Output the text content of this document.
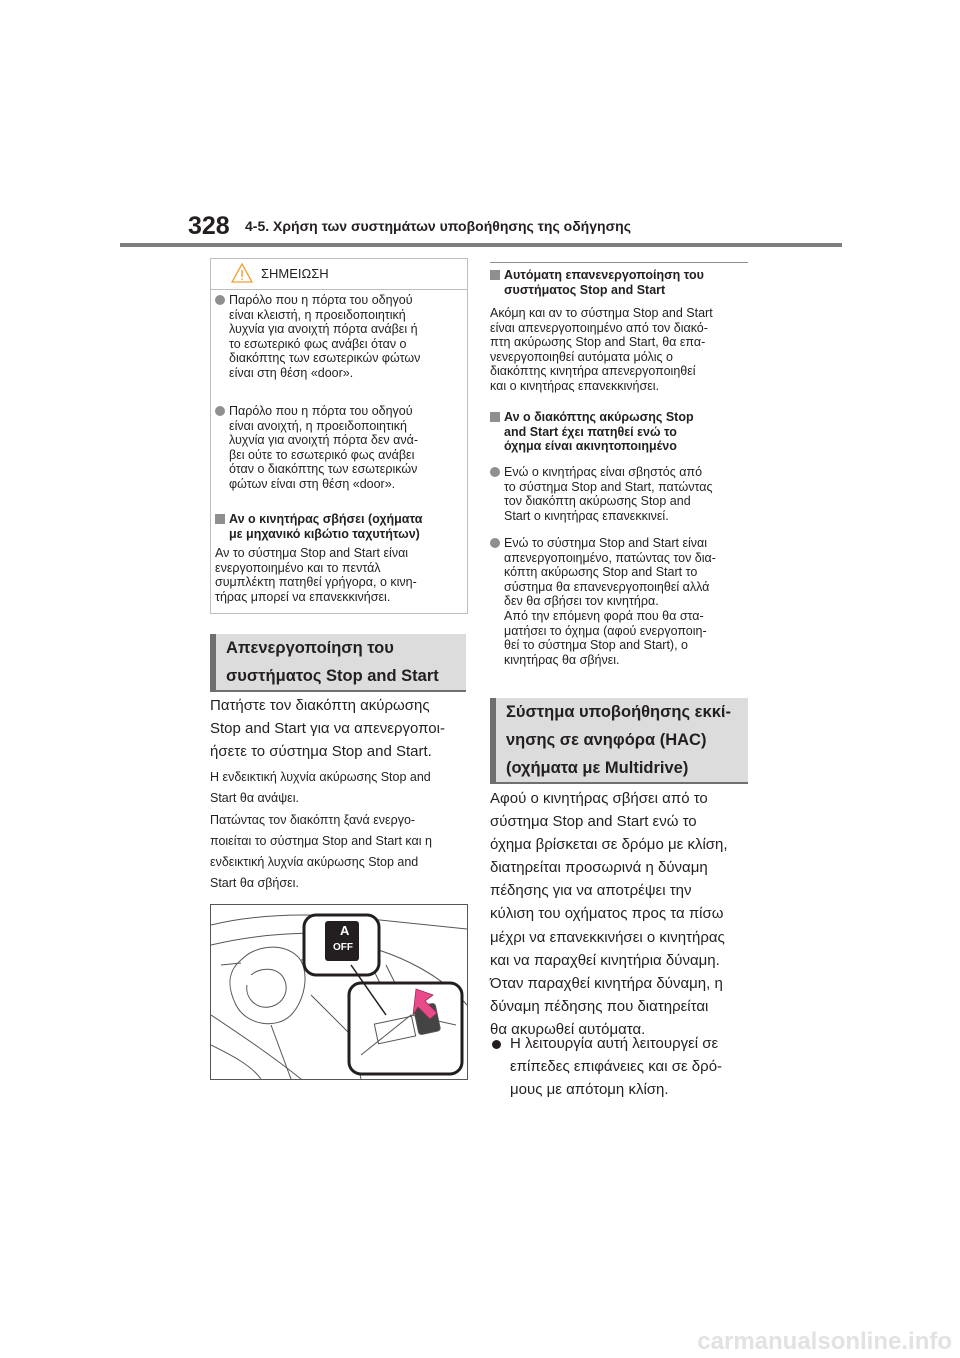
328 4-5. Χρήση των συστημάτων υποβοήθησης της οδήγησης
ΣΗΜΕΙΩΣΗ
Παρόλο που η πόρτα του οδηγού
είναι κλειστή, η προειδοποιητική
λυχνία για ανοιχτή πόρτα ανάβει ή
το εσωτερικό φως ανάβει όταν ο
διακόπτης των εσωτερικών φώτων
είναι στη θέση «door».
Παρόλο που η πόρτα του οδηγού
είναι ανοιχτή, η προειδοποιητική
λυχνία για ανοιχτή πόρτα δεν ανά-
βει ούτε το εσωτερικό φως ανάβει
όταν ο διακόπτης των εσωτερικών
φώτων είναι στη θέση «door».
Αν ο κινητήρας σβήσει (οχήματα
με μηχανικό κιβώτιο ταχυτήτων)
Αν το σύστημα Stop and Start είναι
ενεργοποιημένο και το πεντάλ
συμπλέκτη πατηθεί γρήγορα, ο κινη-
τήρας μπορεί να επανεκκινήσει.
Απενεργοποίηση του
συστήματος Stop and Start
Πατήστε τον διακόπτη ακύρωσης
Stop and Start για να απενεργοποι-
ήσετε το σύστημα Stop and Start.
Η ενδεικτική λυχνία ακύρωσης Stop and
Start θα ανάψει.
Πατώντας τον διακόπτη ξανά ενεργο-
ποιείται το σύστημα Stop and Start και η
ενδεικτική λυχνία ακύρωσης Stop and
Start θα σβήσει.
A
OFF
Αυτόματη επανενεργοποίηση του
συστήματος Stop and Start
Ακόμη και αν το σύστημα Stop and Start
είναι απενεργοποιημένο από τον διακό-
πτη ακύρωσης Stop and Start, θα επα-
νενεργοποιηθεί αυτόματα μόλις ο
διακόπτης κινητήρα απενεργοποιηθεί
και ο κινητήρας επανεκκινήσει.
Αν ο διακόπτης ακύρωσης Stop
and Start έχει πατηθεί ενώ το
όχημα είναι ακινητοποιημένο
Ενώ ο κινητήρας είναι σβηστός από
το σύστημα Stop and Start, πατώντας
τον διακόπτη ακύρωσης Stop and
Start ο κινητήρας επανεκκινεί.
Ενώ το σύστημα Stop and Start είναι
απενεργοποιημένο, πατώντας τον δια-
κόπτη ακύρωσης Stop and Start το
σύστημα θα επανενεργοποιηθεί αλλά
δεν θα σβήσει τον κινητήρα.
Από την επόμενη φορά που θα στα-
ματήσει το όχημα (αφού ενεργοποιη-
θεί το σύστημα Stop and Start), ο
κινητήρας θα σβήνει.
Σύστημα υποβοήθησης εκκί-
νησης σε ανηφόρα (HAC)
(οχήματα με Multidrive)
Αφού ο κινητήρας σβήσει από το
σύστημα Stop and Start ενώ το
όχημα βρίσκεται σε δρόμο με κλίση,
διατηρείται προσωρινά η δύναμη
πέδησης για να αποτρέψει την
κύλιση του οχήματος προς τα πίσω
μέχρι να επανεκκινήσει ο κινητήρας
και να παραχθεί κινητήρια δύναμη.
Όταν παραχθεί κινητήρα δύναμη, η
δύναμη πέδησης που διατηρείται
θα ακυρωθεί αυτόματα.
Η λειτουργία αυτή λειτουργεί σε
επίπεδες επιφάνειες και σε δρό-
μους με απότομη κλίση.
carmanualsonline.info
